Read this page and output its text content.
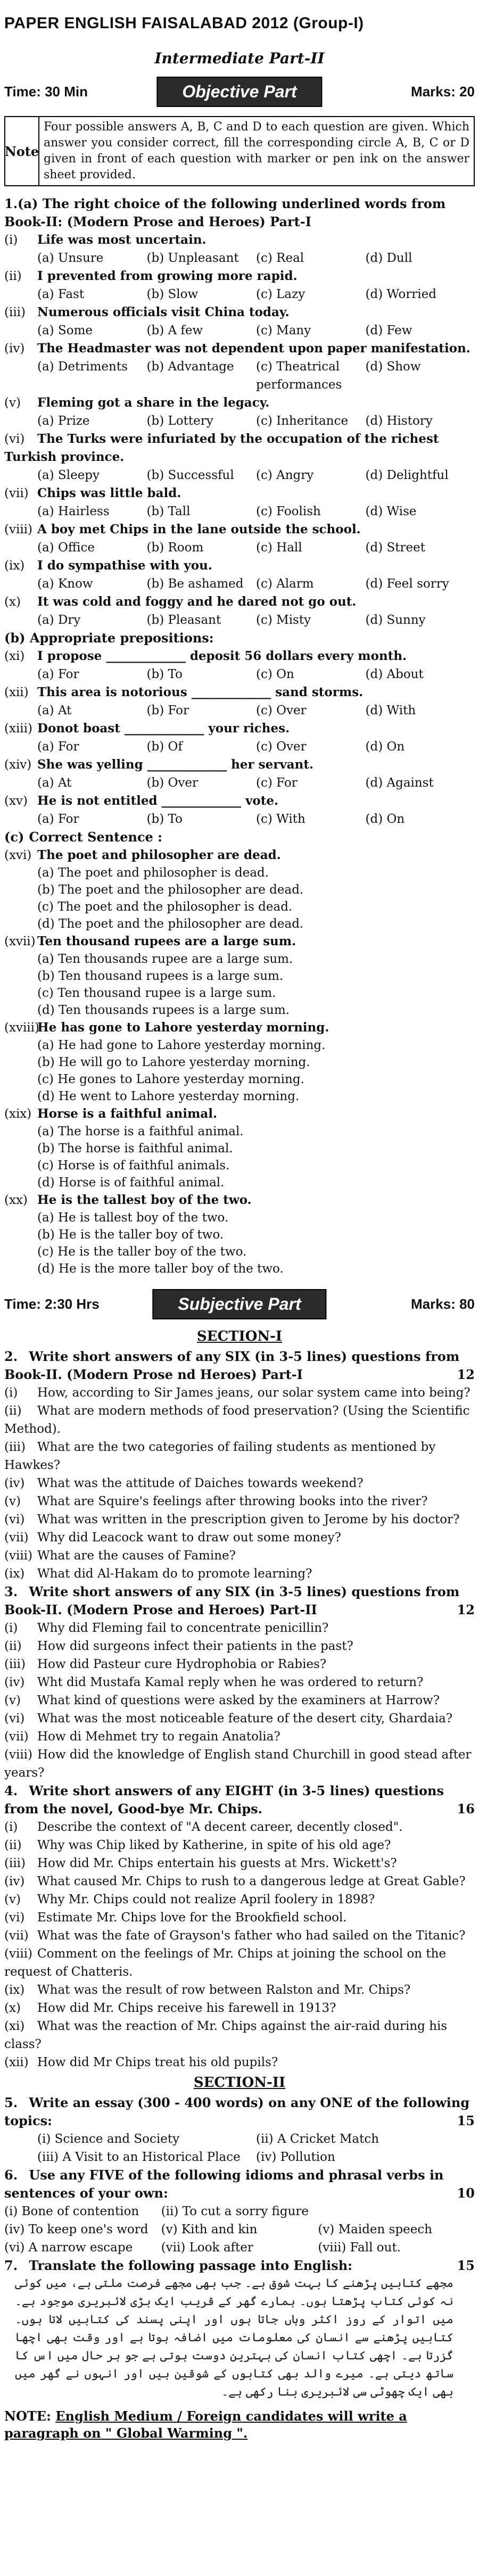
PAPER ENGLISH FAISALABAD 2012 (Group-I)
Intermediate Part-II
Time: 30 Min	Objective Part	Marks: 20
Note
Four possible answers A, B, C and D to each question are given. Which answer you consider correct, fill the corresponding circle A, B, C or D given in front of each question with marker or pen ink on the answer sheet provided.
1.(a) The right choice of the following underlined words from Book-II: (Modern Prose and Heroes) Part-I
(i) Life was most uncertain.
(a) Unsure	(b) Unpleasant	(c) Real	(d) Dull
(ii) I prevented from growing more rapid.
(a) Fast	(b) Slow	(c) Lazy	(d) Worried
(iii) Numerous officials visit China today.
(a) Some	(b) A few	(c) Many	(d) Few
(iv) The Headmaster was not dependent upon paper manifestation.
(a) Detriments	(b) Advantage	(c) Theatrical performances
(d) Show
(v) Fleming got a share in the legacy.
(a) Prize	(b) Lottery	(c) Inheritance	(d) History
(vi) The Turks were infuriated by the occupation of the richest Turkish province.
(a) Sleepy	(b) Successful	(c) Angry	(d) Delightful
(vii) Chips was little bald.
(a) Hairless	(b) Tall	(c) Foolish	(d) Wise
(viii) A boy met Chips in the lane outside the school.
(a) Office	(b) Room	(c) Hall	(d) Street
(ix) I do sympathise with you.
(a) Know	(b) Be ashamed	(c) Alarm	(d) Feel sorry
(x) It was cold and foggy and he dared not go out.
(a) Dry	(b) Pleasant	(c) Misty	(d) Sunny
(b) Appropriate prepositions:
(xi) I propose _____________ deposit 56 dollars every month.
(a) For	(b) To	(c) On	(d) About
(xii) This area is notorious _____________ sand storms.
(a) At	(b) For	(c) Over	(d) With
(xiii) Donot boast _____________ your riches.
(a) For	(b) Of	(c) Over	(d) On
(xiv) She was yelling _____________ her servant.
(a) At	(b) Over	(c) For	(d) Against
(xv) He is not entitled _____________ vote.
(a) For	(b) To	(c) With	(d) On
(c) Correct Sentence :
(xvi) The poet and philosopher are dead.
(a) The poet and philosopher is dead.
(b) The poet and the philosopher are dead.
(c) The poet and the philosopher is dead.
(d) The poet and the philosopher are dead.
(xvii) Ten thousand rupees are a large sum.
(a) Ten thousands rupee are a large sum.
(b) Ten thousand rupees is a large sum.
(c) Ten thousand rupee is a large sum.
(d) Ten thousands rupees is a large sum.
(xviii)He has gone to Lahore yesterday morning.
(a) He had gone to Lahore yesterday morning.
(b) He will go to Lahore yesterday morning.
(c) He gones to Lahore yesterday morning.
(d) He went to Lahore yesterday morning.
(xix) Horse is a faithful animal.
(a) The horse is a faithful animal.
(b) The horse is faithful animal.
(c) Horse is of faithful animals.
(d) Horse is of faithful animal.
(xx) He is the tallest boy of the two.
(a) He is tallest boy of the two.
(b) He is the taller boy of two.
(c) He is the taller boy of the two.
(d) He is the more taller boy of the two.
Time: 2:30 Hrs	Subjective Part	Marks: 80
SECTION-I
2. Write short answers of any SIX (in 3-5 lines) questions from Book-II. (Modern Prose nd Heroes) Part-I	12
(i) How, according to Sir James jeans, our solar system came into being?
(ii) What are modern methods of food preservation? (Using the Scientific Method).
(iii) What are the two categories of failing students as mentioned by Hawkes?
(iv) What was the attitude of Daiches towards weekend?
(v) What are Squire's feelings after throwing books into the river?
(vi) What was written in the prescription given to Jerome by his doctor?
(vii) Why did Leacock want to draw out some money?
(viii) What are the causes of Famine?
(ix) What did Al-Hakam do to promote learning?
3. Write short answers of any SIX (in 3-5 lines) questions from Book-II. (Modern Prose and Heroes) Part-II	12
(i) Why did Fleming fail to concentrate penicillin?
(ii) How did surgeons infect their patients in the past?
(iii) How did Pasteur cure Hydrophobia or Rabies?
(iv) Wht did Mustafa Kamal reply when he was ordered to return?
(v) What kind of questions were asked by the examiners at Harrow?
(vi) What was the most noticeable feature of the desert city, Ghardaia?
(vii) How di Mehmet try to regain Anatolia?
(viii) How did the knowledge of English stand Churchill in good stead after years?
4. Write short answers of any EIGHT (in 3-5 lines) questions from the novel, Good-bye Mr. Chips.	16
(i) Describe the context of "A decent career, decently closed".
(ii) Why was Chip liked by Katherine, in spite of his old age?
(iii) How did Mr. Chips entertain his guests at Mrs. Wickett's?
(iv) What caused Mr. Chips to rush to a dangerous ledge at Great Gable?
(v) Why Mr. Chips could not realize April foolery in 1898?
(vi) Estimate Mr. Chips love for the Brookfield school.
(vii) What was the fate of Grayson's father who had sailed on the Titanic?
(viii) Comment on the feelings of Mr. Chips at joining the school on the request of Chatteris.
(ix) What was the result of row between Ralston and Mr. Chips?
(x) How did Mr. Chips receive his farewell in 1913?
(xi) What was the reaction of Mr. Chips against the air-raid during his class?
(xii) How did Mr Chips treat his old pupils?
SECTION-II
5. Write an essay (300 - 400 words) on any ONE of the following topics:	15
(i) Science and Society	(ii) A Cricket Match
(iii) A Visit to an Historical Place	(iv) Pollution
6. Use any FIVE of the following idioms and phrasal verbs in sentences of your own:	10
(i) Bone of contention	(ii) To cut a sorry figure
(iv) To keep one's word	(v) Kith and kin	(v) Maiden speech
(vi) A narrow escape	(vii) Look after	(viii) Fall out.
7. Translate the following passage into English:	15
مجھے کتابیں پڑھنے کا بہت شوق ہے۔ جب بھی مجھے فرصت ملتی ہے، میں کوئی نہ کوئی کتاب پڑھتا ہوں۔ ہمارے گھر کے قریب ایک بڑی لائبریری موجود ہے۔ میں اتوار کے روز اکثر وہاں جاتا ہوں اور اپنی پسند کی کتابیں لاتا ہوں۔ کتابیں پڑھنے سے انسان کی معلومات میں اضافہ ہوتا ہے اور وقت بھی اچھا گزرتا ہے۔ اچھی کتاب انسان کی بہترین دوست ہوتی ہے جو ہر حال میں اس کا ساتھ دیتی ہے۔ میرے والد بھی کتابوں کے شوقین ہیں اور انہوں نے گھر میں بھی ایک چھوٹی سی لائبریری بنا رکھی ہے۔
NOTE: English Medium / Foreign candidates will write a paragraph on " Global Warming ".
